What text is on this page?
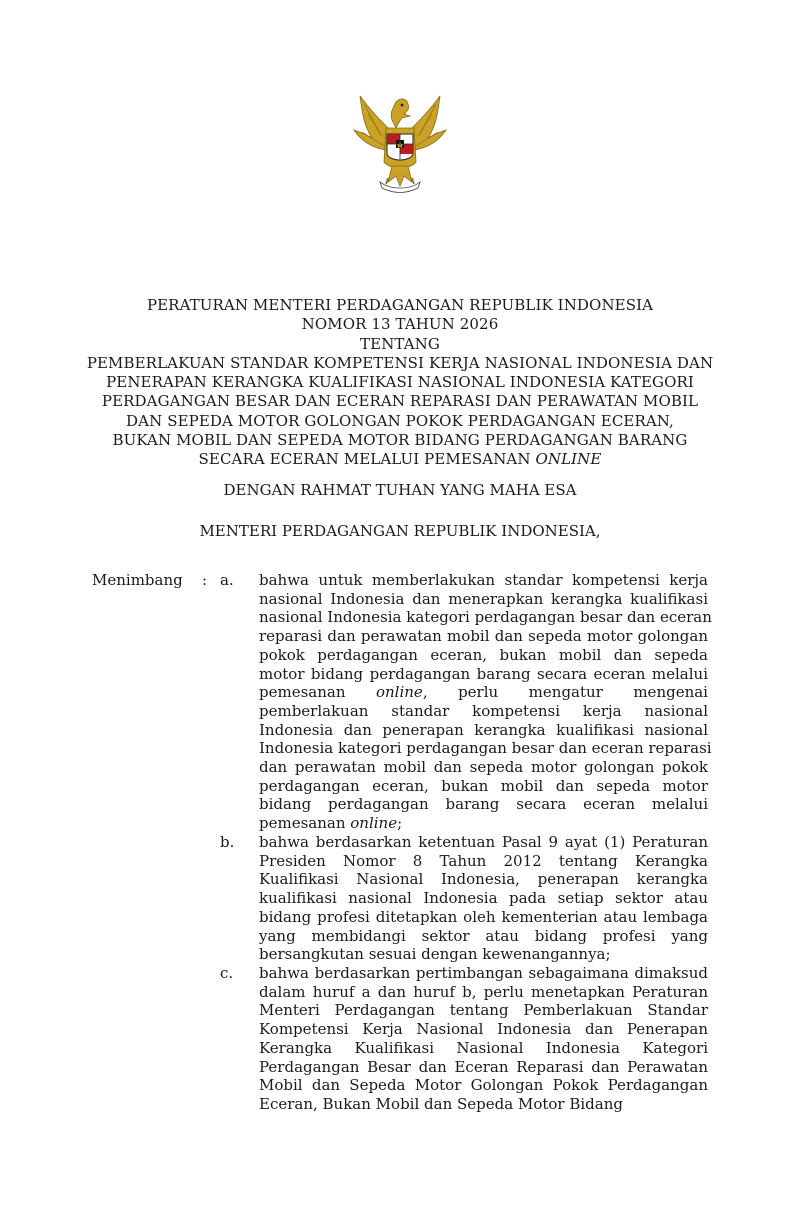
PERATURAN MENTERI PERDAGANGAN REPUBLIK INDONESIA
NOMOR 13 TAHUN 2026
TENTANG
PEMBERLAKUAN STANDAR KOMPETENSI KERJA NASIONAL INDONESIA DAN
PENERAPAN KERANGKA KUALIFIKASI NASIONAL INDONESIA KATEGORI
PERDAGANGAN BESAR DAN ECERAN REPARASI DAN PERAWATAN MOBIL
DAN SEPEDA MOTOR GOLONGAN POKOK PERDAGANGAN ECERAN,
BUKAN MOBIL DAN SEPEDA MOTOR BIDANG PERDAGANGAN BARANG
SECARA ECERAN MELALUI PEMESANAN ONLINE
DENGAN RAHMAT TUHAN YANG MAHA ESA
MENTERI PERDAGANGAN REPUBLIK INDONESIA,
Menimbang : a. bahwa untuk memberlakukan standar kompetensi kerja
nasional Indonesia dan menerapkan kerangka kualifikasi
nasional Indonesia kategori perdagangan besar dan eceran
reparasi dan perawatan mobil dan sepeda motor golongan
pokok perdagangan eceran, bukan mobil dan sepeda
motor bidang perdagangan barang secara eceran melalui
pemesanan online, perlu mengatur mengenai
pemberlakuan standar kompetensi kerja nasional
Indonesia dan penerapan kerangka kualifikasi nasional
Indonesia kategori perdagangan besar dan eceran reparasi
dan perawatan mobil dan sepeda motor golongan pokok
perdagangan eceran, bukan mobil dan sepeda motor
bidang perdagangan barang secara eceran melalui
pemesanan online;
b. bahwa berdasarkan ketentuan Pasal 9 ayat (1) Peraturan
Presiden Nomor 8 Tahun 2012 tentang Kerangka
Kualifikasi Nasional Indonesia, penerapan kerangka
kualifikasi nasional Indonesia pada setiap sektor atau
bidang profesi ditetapkan oleh kementerian atau lembaga
yang membidangi sektor atau bidang profesi yang
bersangkutan sesuai dengan kewenangannya;
c. bahwa berdasarkan pertimbangan sebagaimana dimaksud
dalam huruf a dan huruf b, perlu menetapkan Peraturan
Menteri Perdagangan tentang Pemberlakuan Standar
Kompetensi Kerja Nasional Indonesia dan Penerapan
Kerangka Kualifikasi Nasional Indonesia Kategori
Perdagangan Besar dan Eceran Reparasi dan Perawatan
Mobil dan Sepeda Motor Golongan Pokok Perdagangan
Eceran, Bukan Mobil dan Sepeda Motor Bidang
